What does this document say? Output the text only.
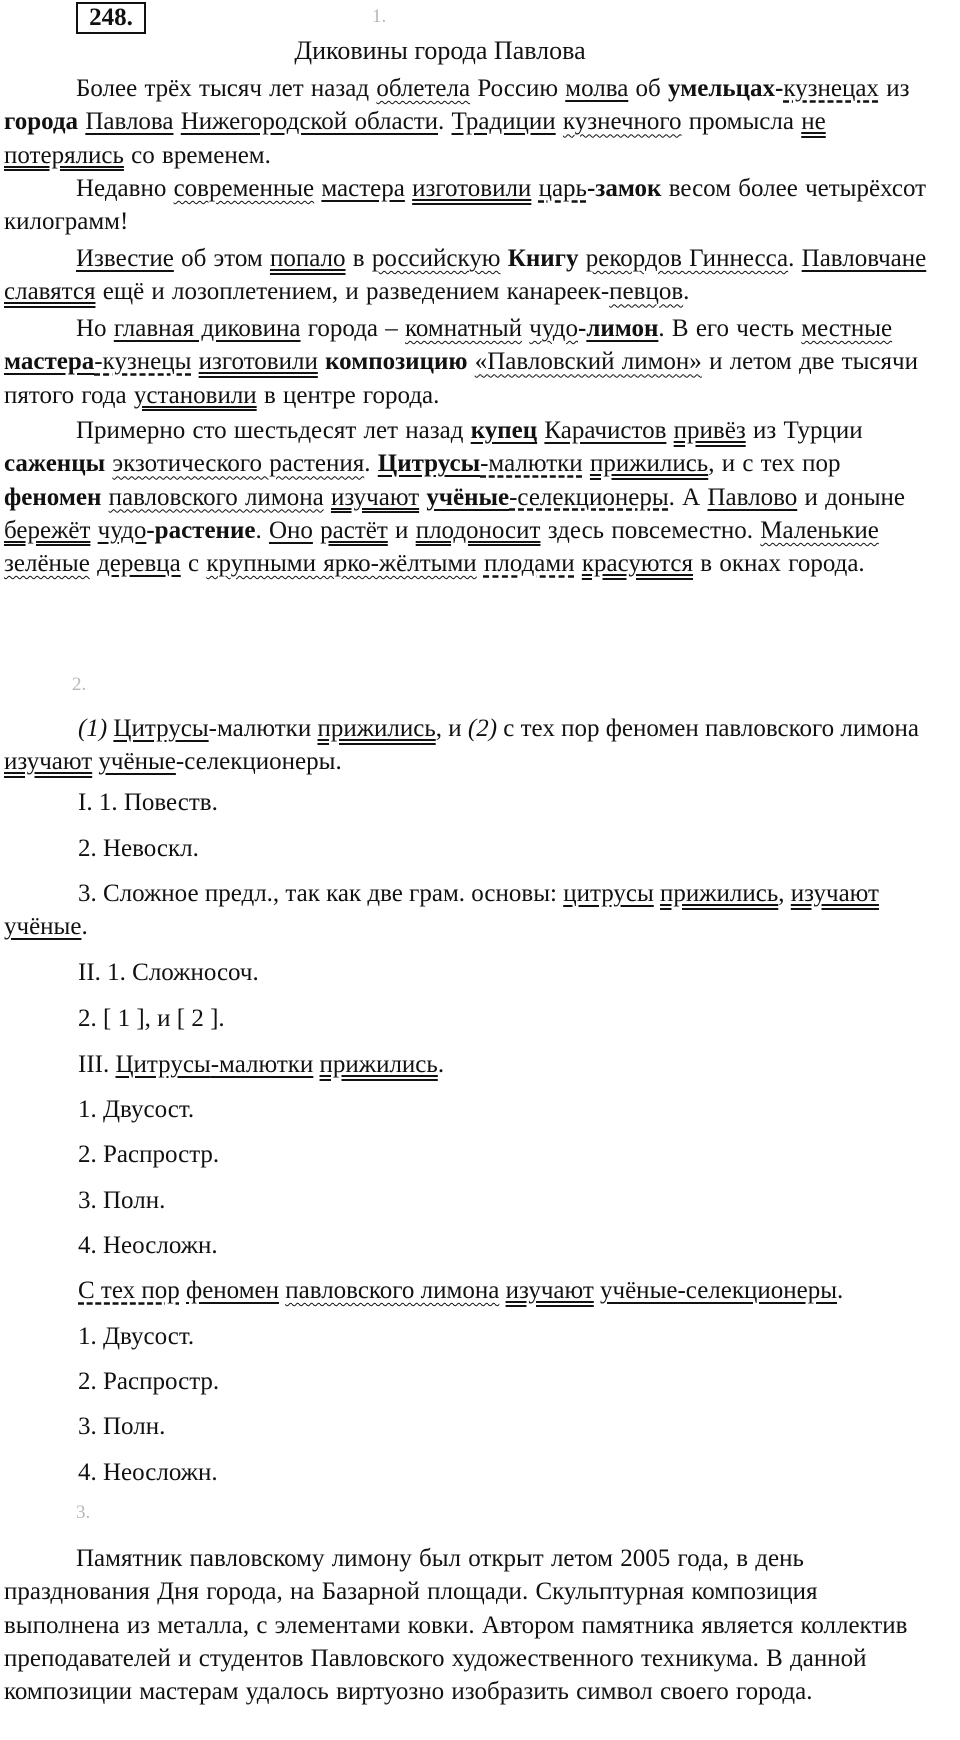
248.	1.
Диковины города Павлова
Более трёх тысяч лет назад облетела Россию молва об умельцах-кузнецах из города Павлова Нижегородской области. Традиции кузнечного промысла не потерялись со временем.
Недавно современные мастера изготовили царь-замок весом более четырёхсот килограмм!
Известие об этом попало в российскую Книгу рекордов Гиннесса. Павловчане славятся ещё и лозоплетением, и разведением канареек-певцов.
Но главная диковина города – комнатный чудо-лимон. В его честь местные мастера-кузнецы изготовили композицию «Павловский лимон» и летом две тысячи пятого года установили в центре города.
Примерно сто шестьдесят лет назад купец Карачистов привёз из Турции саженцы экзотического растения. Цитрусы-малютки прижились, и с тех пор феномен павловского лимона изучают учёные-селекционеры. А Павлово и доныне бережёт чудо-растение. Оно растёт и плодоносит здесь повсеместно. Маленькие зелёные деревца с крупными ярко-жёлтыми плодами красуются в окнах города.
2.
(1) Цитрусы-малютки прижились, и (2) с тех пор феномен павловского лимона изучают учёные-селекционеры.
I. 1. Повеств.
2. Невоскл.
3. Сложное предл., так как две грам. основы: цитрусы прижились, изучают учёные.
II. 1. Сложносоч.
2. [ 1 ], и [ 2 ].
III. Цитрусы-малютки прижились.
1. Двусост.
2. Распростр.
3. Полн.
4. Неосложн.
С тех пор феномен павловского лимона изучают учёные-селекционеры.
1. Двусост.
2. Распростр.
3. Полн.
4. Неосложн.
3.
Памятник павловскому лимону был открыт летом 2005 года, в день празднования Дня города, на Базарной площади. Скульптурная композиция выполнена из металла, с элементами ковки. Автором памятника является коллектив преподавателей и студентов Павловского художественного техникума. В данной композиции мастерам удалось виртуозно изобразить символ своего города.
